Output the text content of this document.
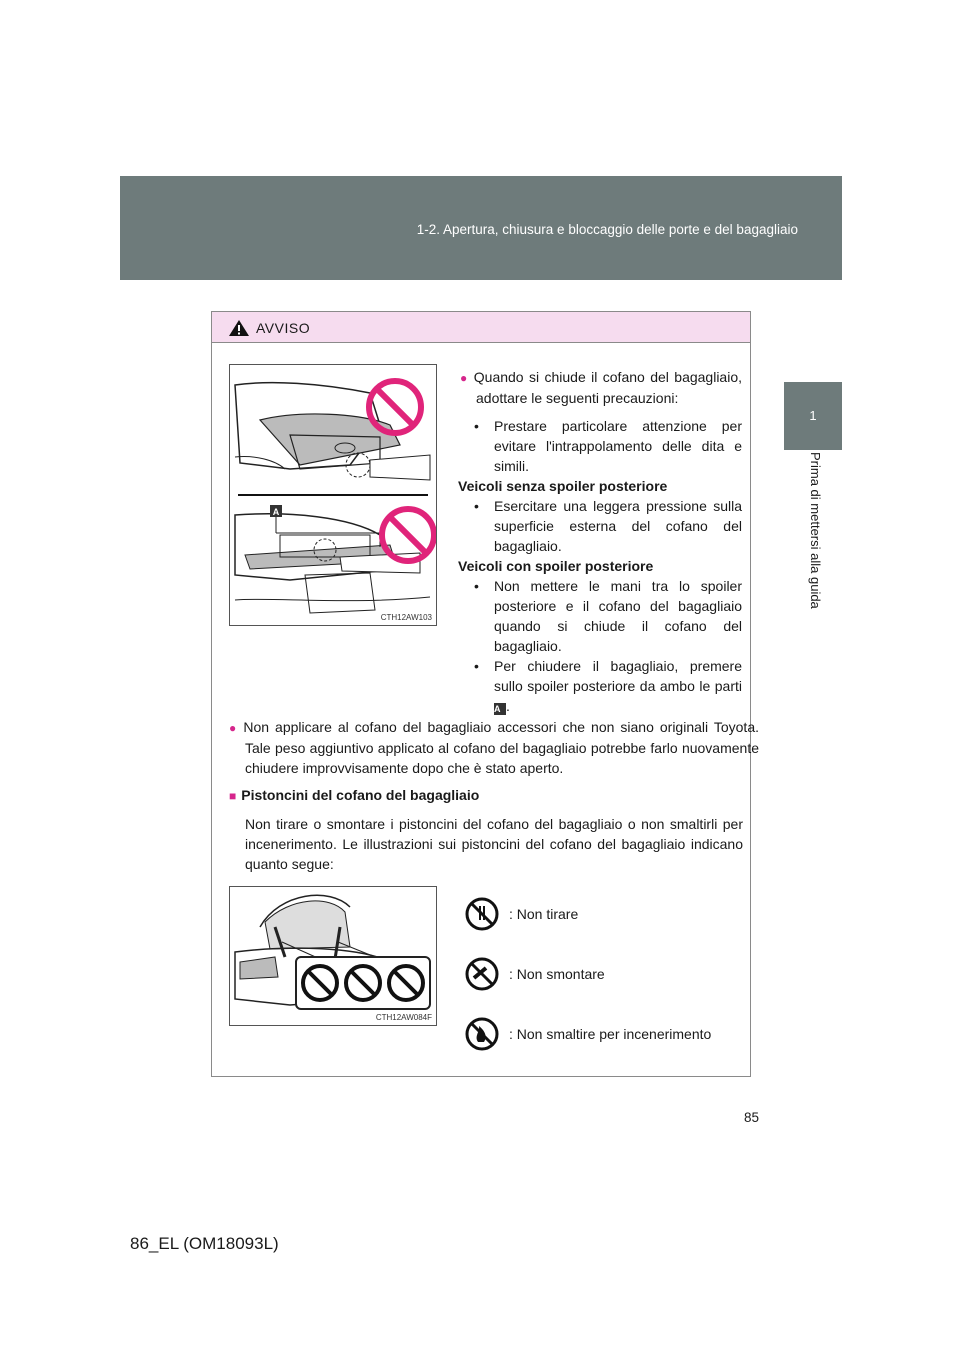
1-2. Apertura, chiusura e bloccaggio delle porte e del bagagliaio
1
Prima di mettersi alla guida
AVVISO
A
CTH12AW103

● Quando si chiude il cofano del bagagliaio, adottare le seguenti precauzioni:

• Prestare particolare attenzione per evitare l'intrappolamento delle dita e simili.

Veicoli senza spoiler posteriore

• Esercitare una leggera pressione sulla superficie esterna del cofano del bagagliaio.

Veicoli con spoiler posteriore

• Non mettere le mani tra lo spoiler posteriore e il cofano del bagagliaio quando si chiude il cofano del bagagliaio.
• Per chiudere il bagagliaio, premere sullo spoiler posteriore da ambo le parti A .

● Non applicare al cofano del bagagliaio accessori che non siano originali Toyota. Tale peso aggiuntivo applicato al cofano del bagagliaio potrebbe farlo nuovamente chiudere improvvisamente dopo che è stato aperto.

■ Pistoncini del cofano del bagagliaio

Non tirare o smontare i pistoncini del cofano del bagagliaio o non smaltirli per incenerimento. Le illustrazioni sui pistoncini del cofano del bagagliaio indicano quanto segue:

CTH12AW084F
: Non tirare
: Non smontare
: Non smaltire per incenerimento
85
86_EL (OM18093L)
